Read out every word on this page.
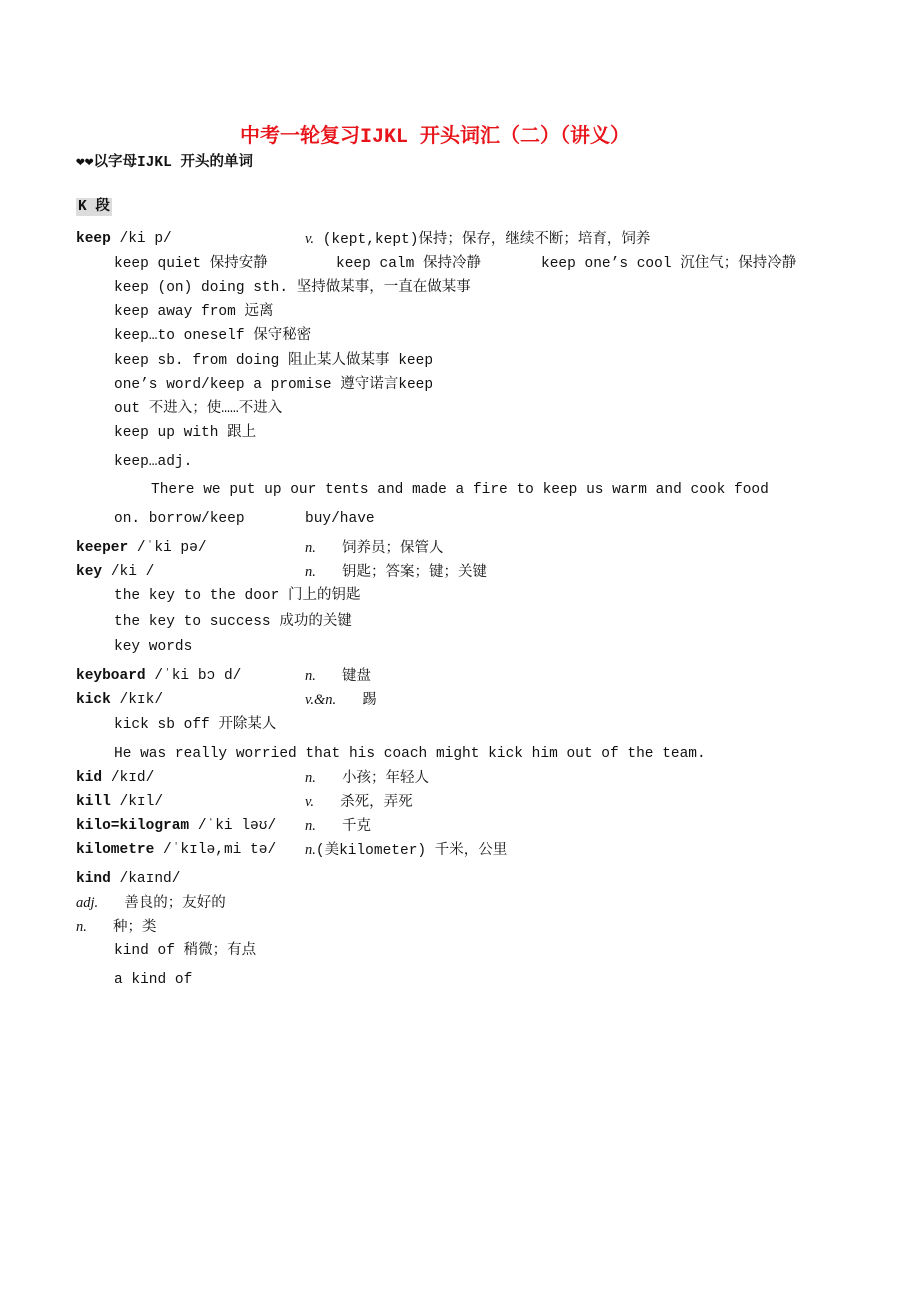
中考一轮复习IJKL 开头词汇（二）（讲义）
❤❤以字母IJKL 开头的单词
K 段
keep /ki p/	v. (kept,kept)保持；保存，继续不断；培育，饲养
keep quiet 保持安静	keep calm 保持冷静	keep one’s cool 沉住气；保持冷静
keep (on) doing sth. 坚持做某事，一直在做某事
keep away from 远离
keep…to oneself 保守秘密
keep sb. from doing 阻止某人做某事 keep
one’s word/keep a promise 遵守诺言keep
out 不进入；使……不进入
keep up with 跟上
keep…adj.
There we put up our tents and made a fire to keep us warm and cook food
on. borrow/keep	buy/have
keeper /ˈki pə/	n. 饲养员；保管人
key /ki /	n. 钥匙；答案；键；关键
the key to the door 门上的钥匙
the key to success 成功的关键
key words
keyboard /ˈki bɔ d/	n. 键盘
kick /kɪk/	v.&n. 踢
kick sb off 开除某人
He was really worried that his coach might kick him out of the team.
kid /kɪd/	n. 小孩；年轻人
kill /kɪl/	v. 杀死，弄死
kilo=kilogram /ˈki ləʊ/ n. 千克
kilometre /ˈkɪlə,mi tə/ n.(美kilometer) 千米，公里
kind /kaɪnd/
adj. 善良的；友好的
n. 种；类
kind of 稍微；有点
a kind of
